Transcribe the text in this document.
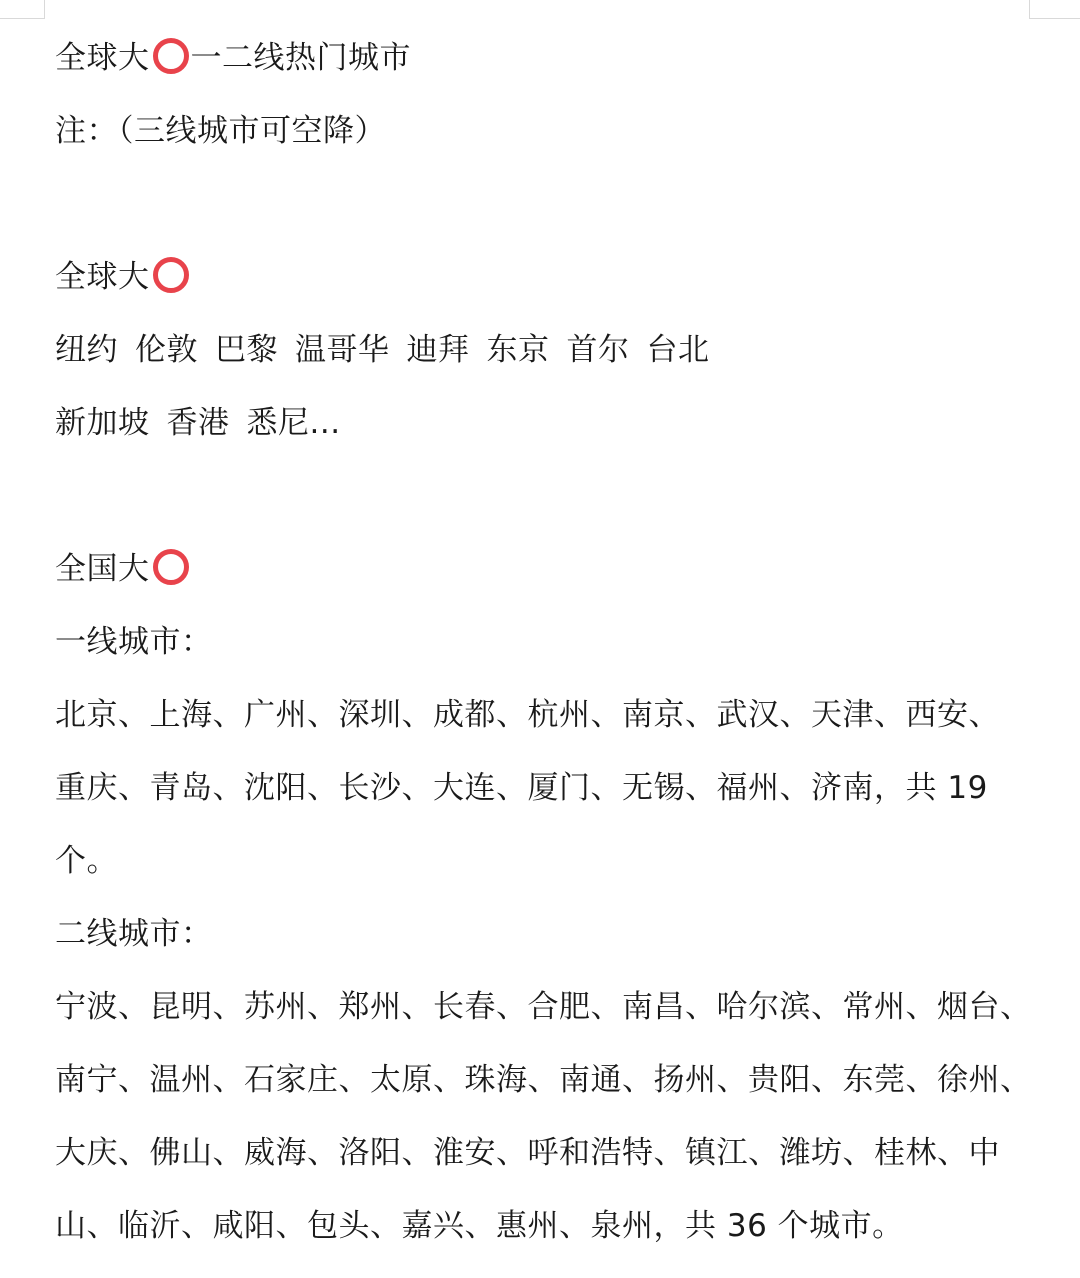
全球大 一二线热门城市
注：（三线城市可空降）
全球大
纽约 伦敦 巴黎 温哥华 迪拜 东京 首尔 台北
新加坡 香港 悉尼...
全国大
一线城市：
北京、上海、广州、深圳、成都、杭州、南京、武汉、天津、西安、
重庆、青岛、沈阳、长沙、大连、厦门、无锡、福州、济南，共 19
个。
二线城市：
宁波、昆明、苏州、郑州、长春、合肥、南昌、哈尔滨、常州、烟台、
南宁、温州、石家庄、太原、珠海、南通、扬州、贵阳、东莞、徐州、
大庆、佛山、威海、洛阳、淮安、呼和浩特、镇江、潍坊、桂林、中
山、临沂、咸阳、包头、嘉兴、惠州、泉州，共 36 个城市。
